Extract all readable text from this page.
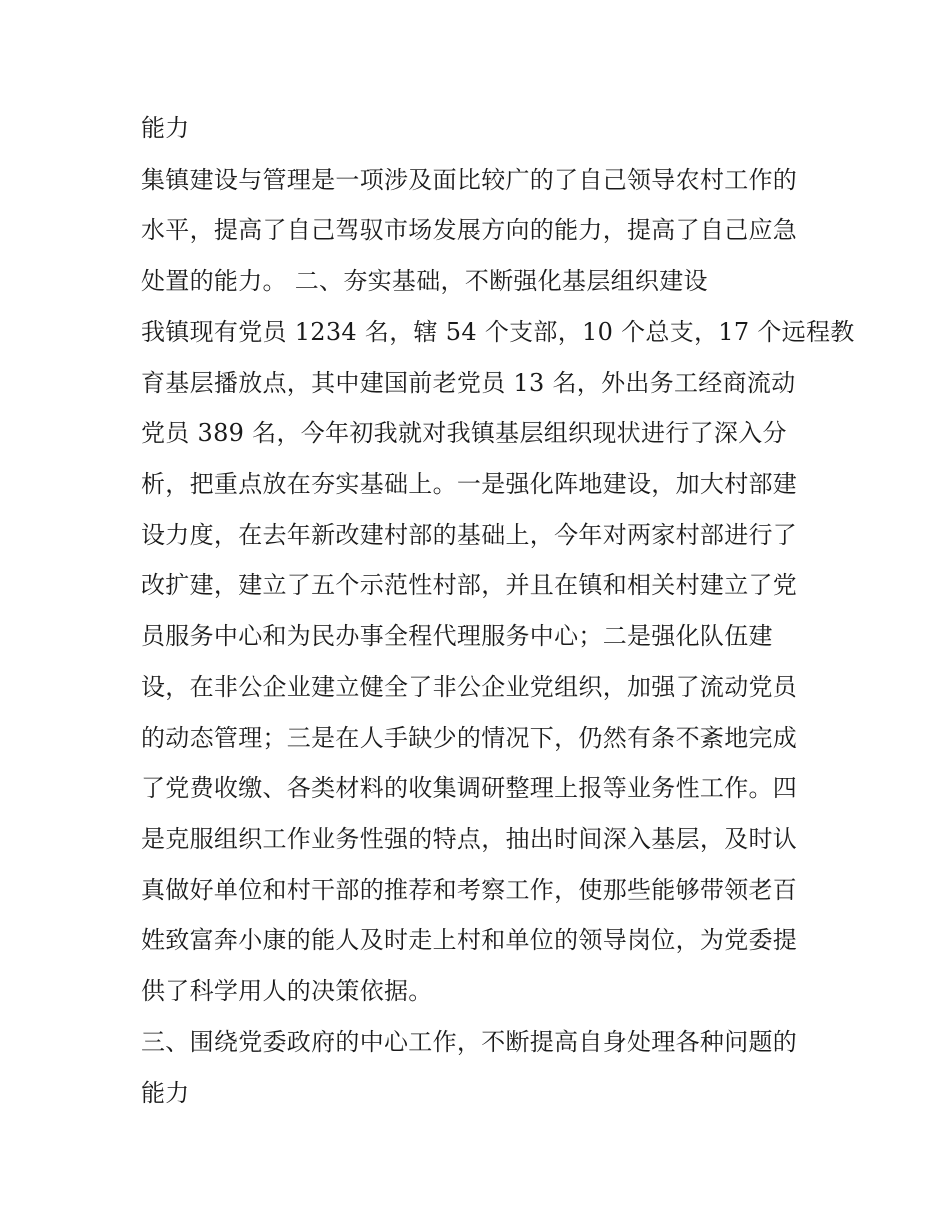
能力
集镇建设与管理是一项涉及面比较广的了自己领导农村工作的
水平，提高了自己驾驭市场发展方向的能力，提高了自己应急
处置的能力。 二、夯实基础，不断强化基层组织建设
我镇现有党员 1234 名，辖 54 个支部，10 个总支，17 个远程教
育基层播放点，其中建国前老党员 13 名，外出务工经商流动
党员 389 名，今年初我就对我镇基层组织现状进行了深入分
析，把重点放在夯实基础上。一是强化阵地建设，加大村部建
设力度，在去年新改建村部的基础上，今年对两家村部进行了
改扩建，建立了五个示范性村部，并且在镇和相关村建立了党
员服务中心和为民办事全程代理服务中心；二是强化队伍建
设，在非公企业建立健全了非公企业党组织，加强了流动党员
的动态管理；三是在人手缺少的情况下，仍然有条不紊地完成
了党费收缴、各类材料的收集调研整理上报等业务性工作。四
是克服组织工作业务性强的特点，抽出时间深入基层，及时认
真做好单位和村干部的推荐和考察工作，使那些能够带领老百
姓致富奔小康的能人及时走上村和单位的领导岗位，为党委提
供了科学用人的决策依据。
三、围绕党委政府的中心工作，不断提高自身处理各种问题的
能力
